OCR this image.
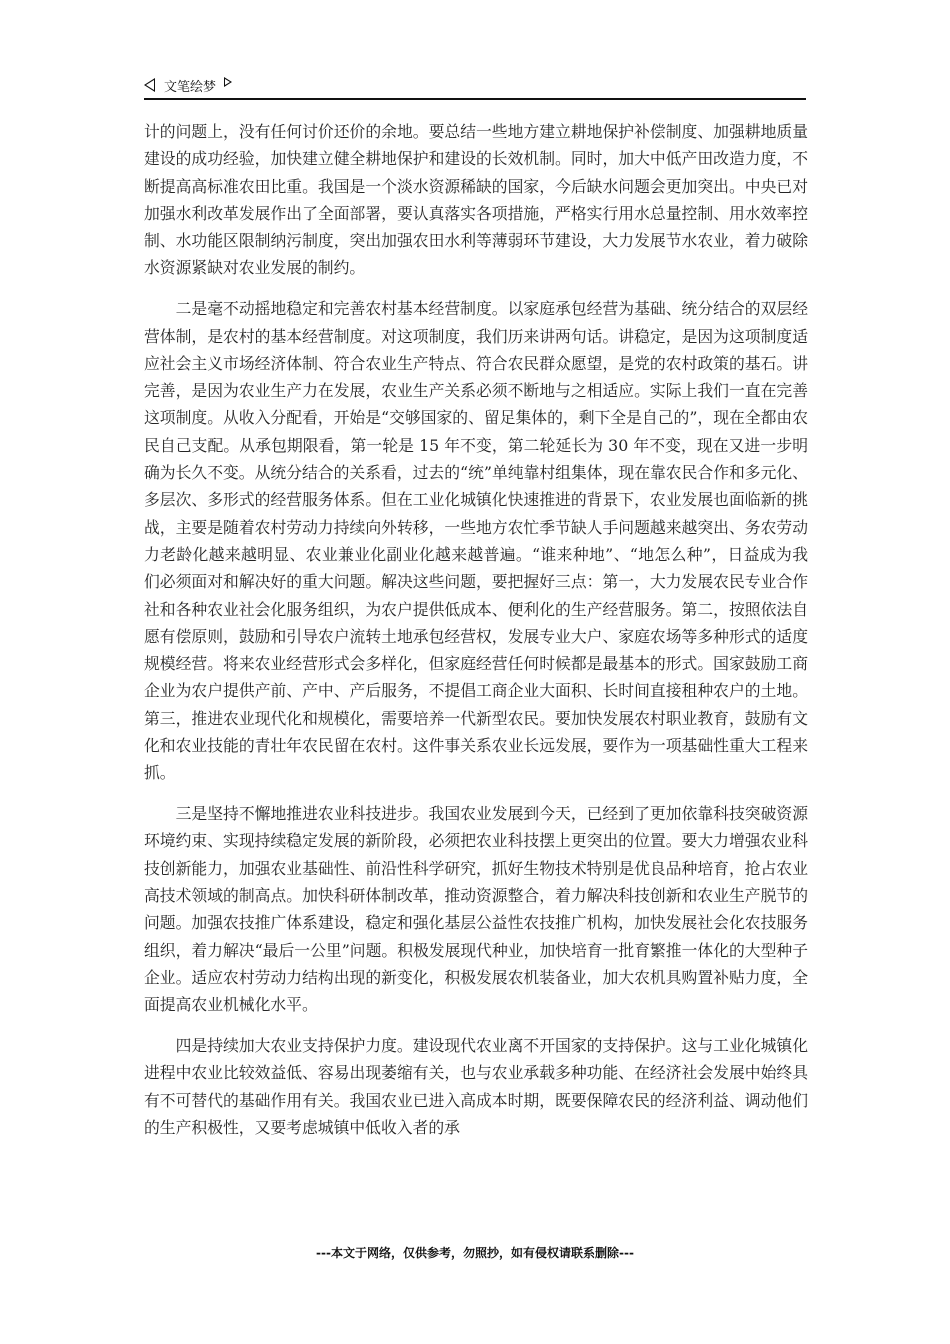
文笔绘梦

计的问题上，没有任何讨价还价的余地。要总结一些地方建立耕地保护补偿制度、加强耕地质量建设的成功经验，加快建立健全耕地保护和建设的长效机制。同时，加大中低产田改造力度，不断提高高标准农田比重。我国是一个淡水资源稀缺的国家，今后缺水问题会更加突出。中央已对加强水利改革发展作出了全面部署，要认真落实各项措施，严格实行用水总量控制、用水效率控制、水功能区限制纳污制度，突出加强农田水利等薄弱环节建设，大力发展节水农业，着力破除水资源紧缺对农业发展的制约。

二是毫不动摇地稳定和完善农村基本经营制度。以家庭承包经营为基础、统分结合的双层经营体制，是农村的基本经营制度。对这项制度，我们历来讲两句话。讲稳定，是因为这项制度适应社会主义市场经济体制、符合农业生产特点、符合农民群众愿望，是党的农村政策的基石。讲完善，是因为农业生产力在发展，农业生产关系必须不断地与之相适应。实际上我们一直在完善这项制度。从收入分配看，开始是“交够国家的、留足集体的，剩下全是自己的”，现在全都由农民自己支配。从承包期限看，第一轮是 15 年不变，第二轮延长为 30 年不变，现在又进一步明确为长久不变。从统分结合的关系看，过去的“统”单纯靠村组集体，现在靠农民合作和多元化、多层次、多形式的经营服务体系。但在工业化城镇化快速推进的背景下，农业发展也面临新的挑战，主要是随着农村劳动力持续向外转移，一些地方农忙季节缺人手问题越来越突出、务农劳动力老龄化越来越明显、农业兼业化副业化越来越普遍。“谁来种地”、“地怎么种”，日益成为我们必须面对和解决好的重大问题。解决这些问题，要把握好三点：第一，大力发展农民专业合作社和各种农业社会化服务组织，为农户提供低成本、便利化的生产经营服务。第二，按照依法自愿有偿原则，鼓励和引导农户流转土地承包经营权，发展专业大户、家庭农场等多种形式的适度规模经营。将来农业经营形式会多样化，但家庭经营任何时候都是最基本的形式。国家鼓励工商企业为农户提供产前、产中、产后服务，不提倡工商企业大面积、长时间直接租种农户的土地。第三，推进农业现代化和规模化，需要培养一代新型农民。要加快发展农村职业教育，鼓励有文化和农业技能的青壮年农民留在农村。这件事关系农业长远发展，要作为一项基础性重大工程来抓。

三是坚持不懈地推进农业科技进步。我国农业发展到今天，已经到了更加依靠科技突破资源环境约束、实现持续稳定发展的新阶段，必须把农业科技摆上更突出的位置。要大力增强农业科技创新能力，加强农业基础性、前沿性科学研究，抓好生物技术特别是优良品种培育，抢占农业高技术领域的制高点。加快科研体制改革，推动资源整合，着力解决科技创新和农业生产脱节的问题。加强农技推广体系建设，稳定和强化基层公益性农技推广机构，加快发展社会化农技服务组织，着力解决“最后一公里”问题。积极发展现代种业，加快培育一批育繁推一体化的大型种子企业。适应农村劳动力结构出现的新变化，积极发展农机装备业，加大农机具购置补贴力度，全面提高农业机械化水平。

四是持续加大农业支持保护力度。建设现代农业离不开国家的支持保护。这与工业化城镇化进程中农业比较效益低、容易出现萎缩有关，也与农业承载多种功能、在经济社会发展中始终具有不可替代的基础作用有关。我国农业已进入高成本时期，既要保障农民的经济利益、调动他们的生产积极性，又要考虑城镇中低收入者的承

---本文于网络，仅供参考，勿照抄，如有侵权请联系删除---
